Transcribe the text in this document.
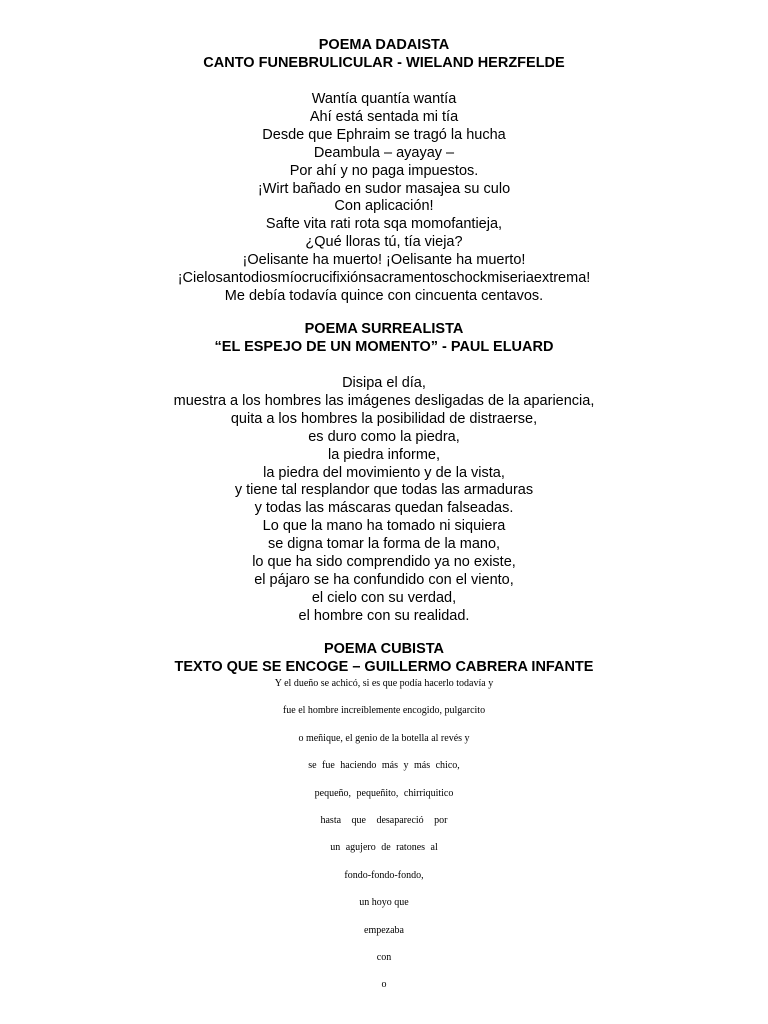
POEMA DADAISTA

CANTO FUNEBRULICULAR - WIELAND HERZFELDE

Wantía quantía wantía
Ahí está sentada mi tía
Desde que Ephraim se tragó la hucha
Deambula – ayayay –
Por ahí y no paga impuestos.
¡Wirt bañado en sudor masajea su culo
Con aplicación!
Safte vita rati rota sqa momofantieja,
¿Qué lloras tú, tía vieja?
¡Oelisante ha muerto! ¡Oelisante ha muerto!
¡Cielosantodiosmíocrucifixiónsacramentoschockmiseriaextrema!
Me debía todavía quince con cincuenta centavos.

POEMA SURREALISTA

“EL ESPEJO DE UN MOMENTO” - PAUL ELUARD

Disipa el día,
muestra a los hombres las imágenes desligadas de la apariencia,
quita a los hombres la posibilidad de distraerse,
es duro como la piedra,
la piedra informe,
la piedra del movimiento y de la vista,
y tiene tal resplandor que todas las armaduras
y todas las máscaras quedan falseadas.
Lo que la mano ha tomado ni siquiera
se digna tomar la forma de la mano,
lo que ha sido comprendido ya no existe,
el pájaro se ha confundido con el viento,
el cielo con su verdad,
el hombre con su realidad.

POEMA CUBISTA

TEXTO QUE SE ENCOGE – GUILLERMO CABRERA INFANTE

Y el dueño se achicó, si es que podía hacerlo todavía y
fue el hombre increíblemente encogido, pulgarcito
o meñique, el genio de la botella al revés y
se fue haciendo más y más chico,
pequeño, pequeñito, chirriquitico
hasta que desapareció por
un agujero de ratones al
fondo-fondo-fondo,
un hoyo que
empezaba
con
o
